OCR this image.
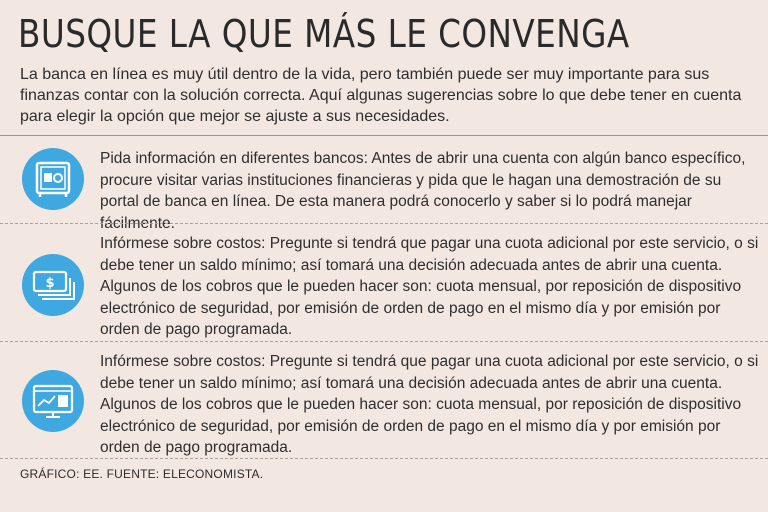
BUSQUE LA QUE MÁS LE CONVENGA
La banca en línea es muy útil dentro de la vida, pero también puede ser muy importante para sus finanzas contar con la solución correcta. Aquí algunas sugerencias sobre lo que debe tener en cuenta para elegir la opción que mejor se ajuste a sus necesidades.
Pida información en diferentes bancos: Antes de abrir una cuenta con algún banco específico, procure visitar varias instituciones financieras y pida que le hagan una demostración de su portal de banca en línea. De esta manera podrá conocerlo y saber si lo podrá manejar fácilmente.
$
Infórmese sobre costos: Pregunte si tendrá que pagar una cuota adicional por este servicio, o si debe tener un saldo mínimo; así tomará una decisión adecuada antes de abrir una cuenta. Algunos de los cobros que le pueden hacer son: cuota mensual, por reposición de dispositivo electrónico de seguridad, por emisión de orden de pago en el mismo día y por emisión por orden de pago programada.
Infórmese sobre costos: Pregunte si tendrá que pagar una cuota adicional por este servicio, o si debe tener un saldo mínimo; así tomará una decisión adecuada antes de abrir una cuenta. Algunos de los cobros que le pueden hacer son: cuota mensual, por reposición de dispositivo electrónico de seguridad, por emisión de orden de pago en el mismo día y por emisión por orden de pago programada.
GRÁFICO: EE. FUENTE: ELECONOMISTA.
